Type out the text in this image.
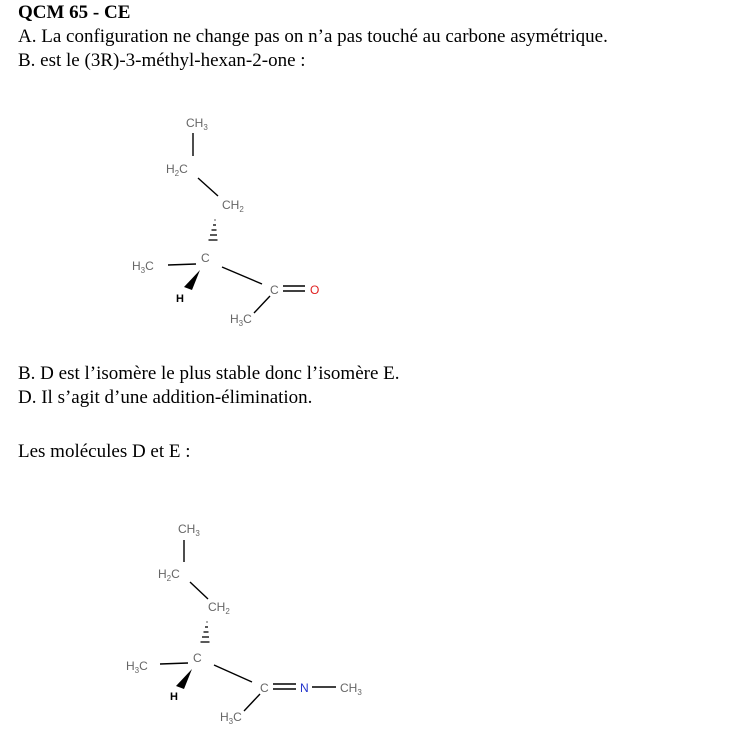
QCM 65 - CE
A. La configuration ne change pas on n’a pas touché au carbone asymétrique.
B. est le (3R)-3-méthyl-hexan-2-one :
$CH_3$
$H_2C$
$CH_2$
$H_3C$
C
H
C	O
$H_3C$
B. D est l’isomère le plus stable donc l’isomère E.
D. Il s’agit d’une addition-élimination.
Les molécules D et E :
$CH_3$
$H_2C$
$CH_2$
$H_3C$
C
H
C	N	$CH_3$
$H_3C$
